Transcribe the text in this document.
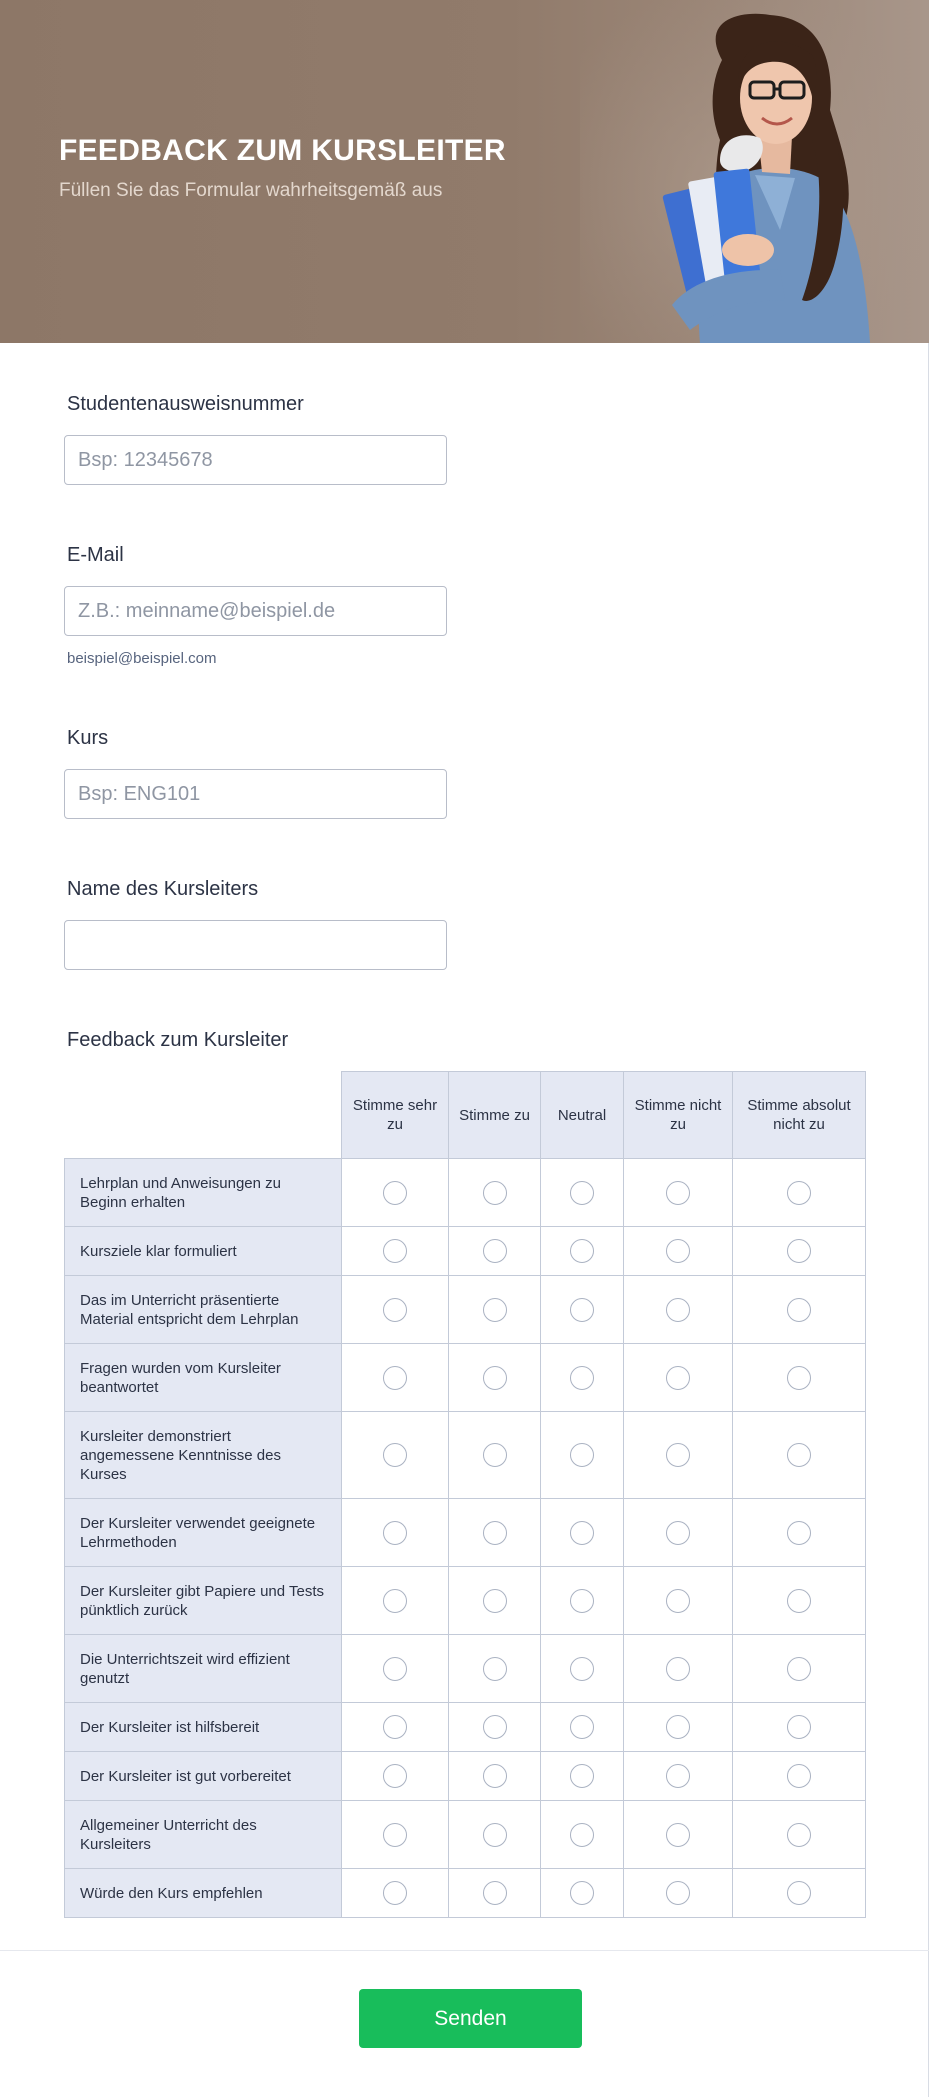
FEEDBACK ZUM KURSLEITER
Füllen Sie das Formular wahrheitsgemäß aus
Studentenausweisnummer
Bsp: 12345678
E-Mail
Z.B.: meinname@beispiel.de
beispiel@beispiel.com
Kurs
Bsp: ENG101
Name des Kursleiters
Feedback zum Kursleiter
	Stimme sehr zu	Stimme zu	Neutral	Stimme nicht zu	Stimme absolut nicht zu
Lehrplan und Anweisungen zu Beginn erhalten					
Kursziele klar formuliert					
Das im Unterricht präsentierte Material entspricht dem Lehrplan					
Fragen wurden vom Kursleiter beantwortet					
Kursleiter demonstriert angemessene Kenntnisse des Kurses					
Der Kursleiter verwendet geeignete Lehrmethoden					
Der Kursleiter gibt Papiere und Tests pünktlich zurück					
Die Unterrichtszeit wird effizient genutzt					
Der Kursleiter ist hilfsbereit					
Der Kursleiter ist gut vorbereitet					
Allgemeiner Unterricht des Kursleiters					
Würde den Kurs empfehlen					
Senden
